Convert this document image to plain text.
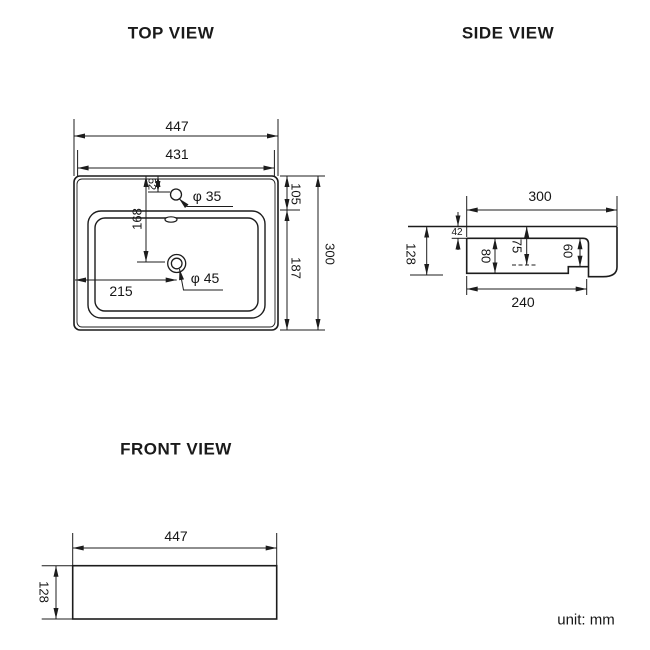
TOP VIEW	SIDE VIEW
FRONT VIEW
unit: mm
447
431
105
187
300
52
168
215
φ 35
φ 45
300
42
128	80
75	60
240
447
128
